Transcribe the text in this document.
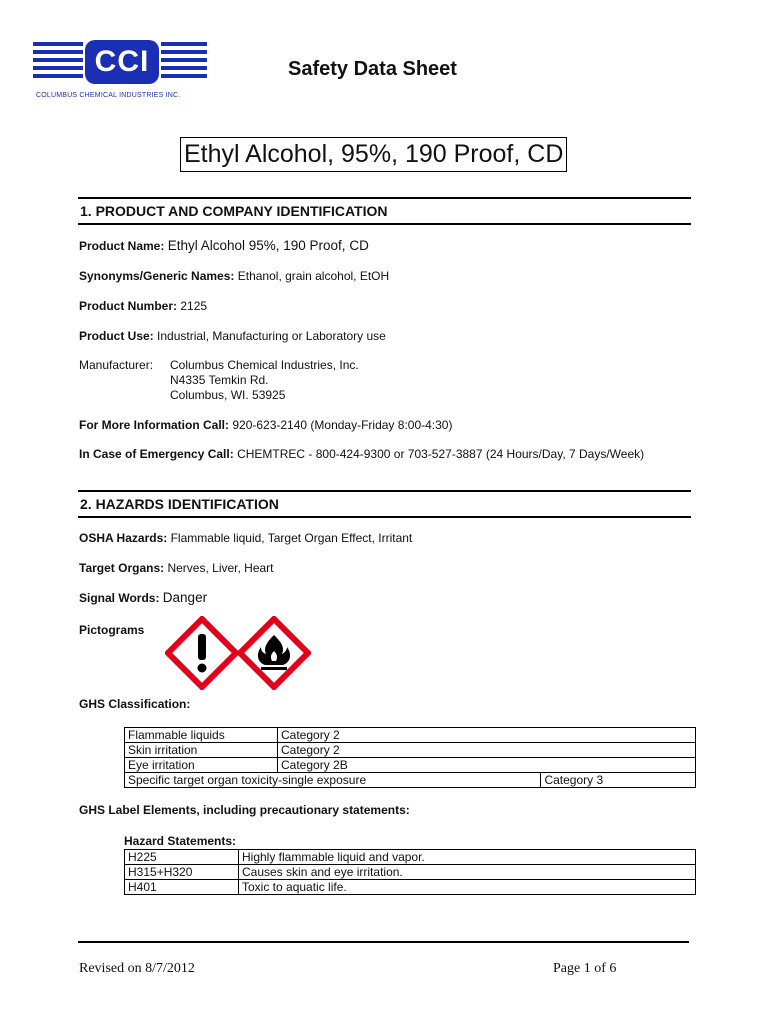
CCI
COLUMBUS CHEMICAL INDUSTRIES INC.
Safety Data Sheet
Ethyl Alcohol, 95%, 190 Proof, CD
1. PRODUCT AND COMPANY IDENTIFICATION
Product Name: Ethyl Alcohol 95%, 190 Proof, CD
Synonyms/Generic Names: Ethanol, grain alcohol, EtOH
Product Number: 2125
Product Use: Industrial, Manufacturing or Laboratory use
Manufacturer: Columbus Chemical Industries, Inc.
N4335 Temkin Rd.
Columbus, WI. 53925
For More Information Call: 920-623-2140 (Monday-Friday 8:00-4:30)
In Case of Emergency Call: CHEMTREC - 800-424-9300 or 703-527-3887 (24 Hours/Day, 7 Days/Week)
2. HAZARDS IDENTIFICATION
OSHA Hazards: Flammable liquid, Target Organ Effect, Irritant
Target Organs: Nerves, Liver, Heart
Signal Words: Danger
Pictograms
GHS Classification:
Flammable liquids	Category 2	
Skin irritation	Category 2	
Eye irritation	Category 2B	
Specific target organ toxicity-single exposure		Category 3
GHS Label Elements, including precautionary statements:
Hazard Statements:
H225	Highly flammable liquid and vapor.
H315+H320	Causes skin and eye irritation.
H401	Toxic to aquatic life.
Revised on 8/7/2012	Page 1 of 6
